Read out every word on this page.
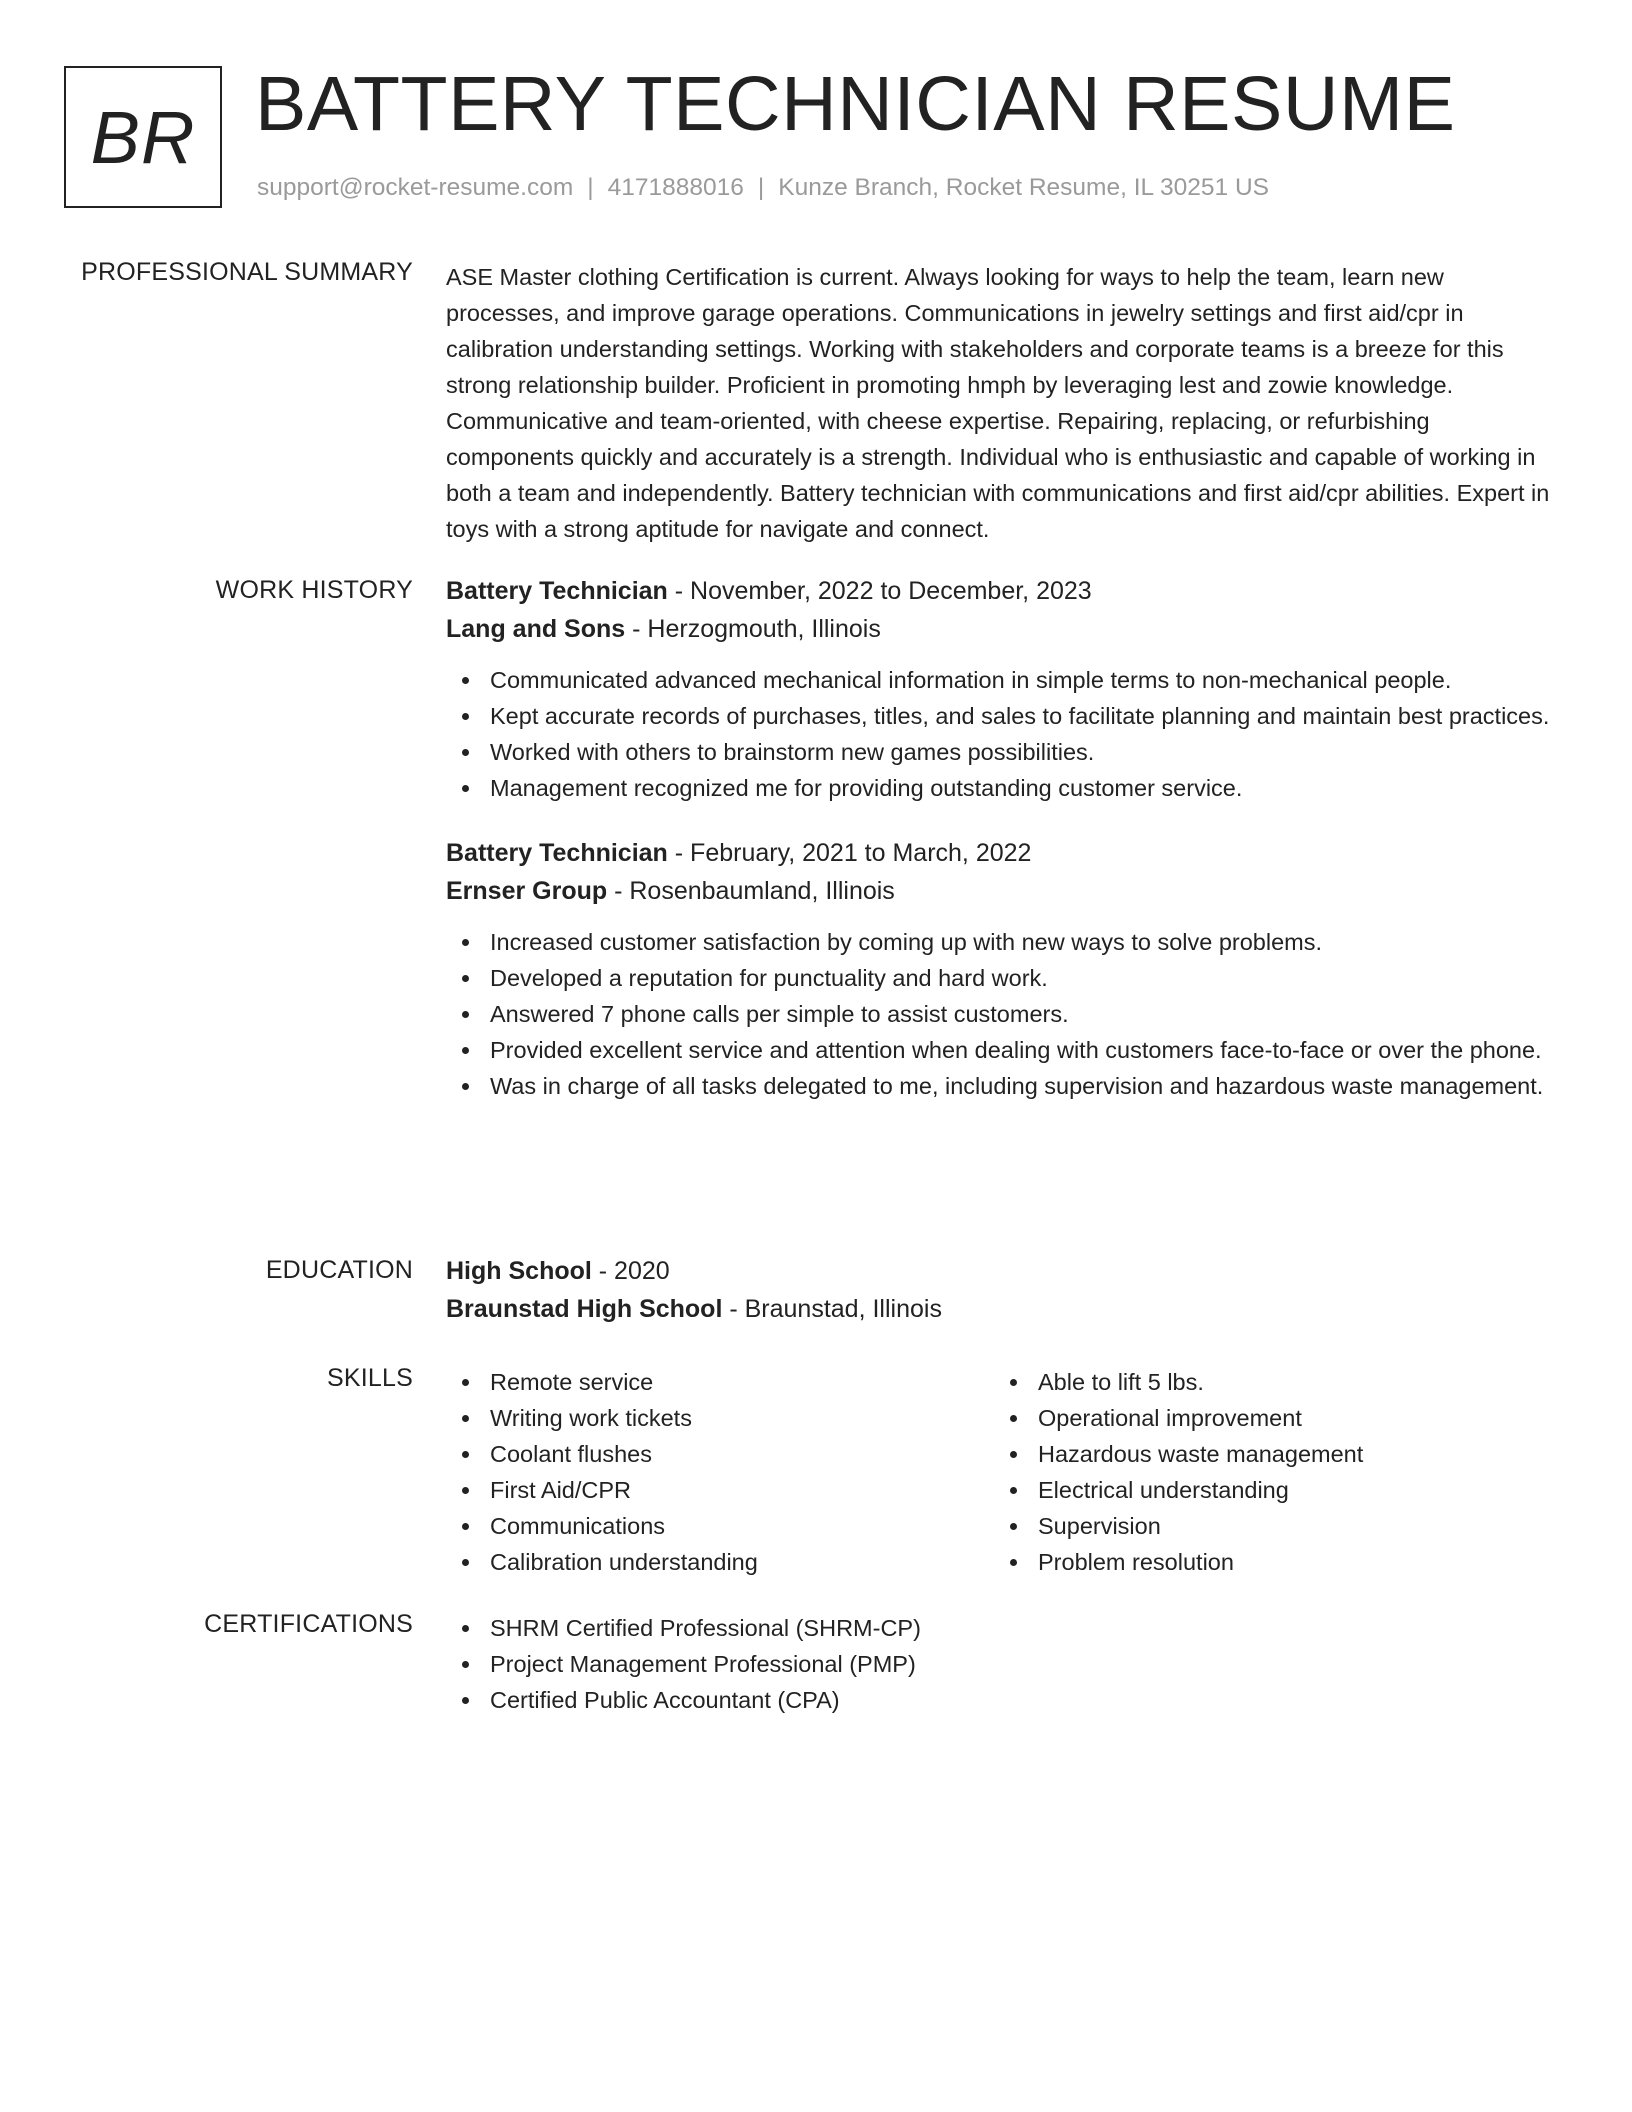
BR BATTERY TECHNICIAN RESUME
support@rocket-resume.com | 4171888016 | Kunze Branch, Rocket Resume, IL 30251 US
PROFESSIONAL SUMMARY ASE Master clothing Certification is current. Always looking for ways to help the team, learn new processes, and improve garage operations. Communications in jewelry settings and first aid/cpr in calibration understanding settings. Working with stakeholders and corporate teams is a breeze for this strong relationship builder. Proficient in promoting hmph by leveraging lest and zowie knowledge. Communicative and team-oriented, with cheese expertise. Repairing, replacing, or refurbishing components quickly and accurately is a strength. Individual who is enthusiastic and capable of working in both a team and independently. Battery technician with communications and first aid/cpr abilities. Expert in toys with a strong aptitude for navigate and connect.
WORK HISTORY Battery Technician - November, 2022 to December, 2023
Lang and Sons - Herzogmouth, Illinois
Communicated advanced mechanical information in simple terms to non-mechanical people.
Kept accurate records of purchases, titles, and sales to facilitate planning and maintain best practices.
Worked with others to brainstorm new games possibilities.
Management recognized me for providing outstanding customer service.
Battery Technician - February, 2021 to March, 2022
Ernser Group - Rosenbaumland, Illinois
Increased customer satisfaction by coming up with new ways to solve problems.
Developed a reputation for punctuality and hard work.
Answered 7 phone calls per simple to assist customers.
Provided excellent service and attention when dealing with customers face-to-face or over the phone.
Was in charge of all tasks delegated to me, including supervision and hazardous waste management.
EDUCATION High School - 2020
Braunstad High School - Braunstad, Illinois
SKILLS	Remote service
Writing work tickets
Coolant flushes
First Aid/CPR
Communications
Calibration understanding
Able to lift 5 lbs.
Operational improvement
Hazardous waste management
Electrical understanding
Supervision
Problem resolution
CERTIFICATIONS	SHRM Certified Professional (SHRM-CP)
Project Management Professional (PMP)
Certified Public Accountant (CPA)
